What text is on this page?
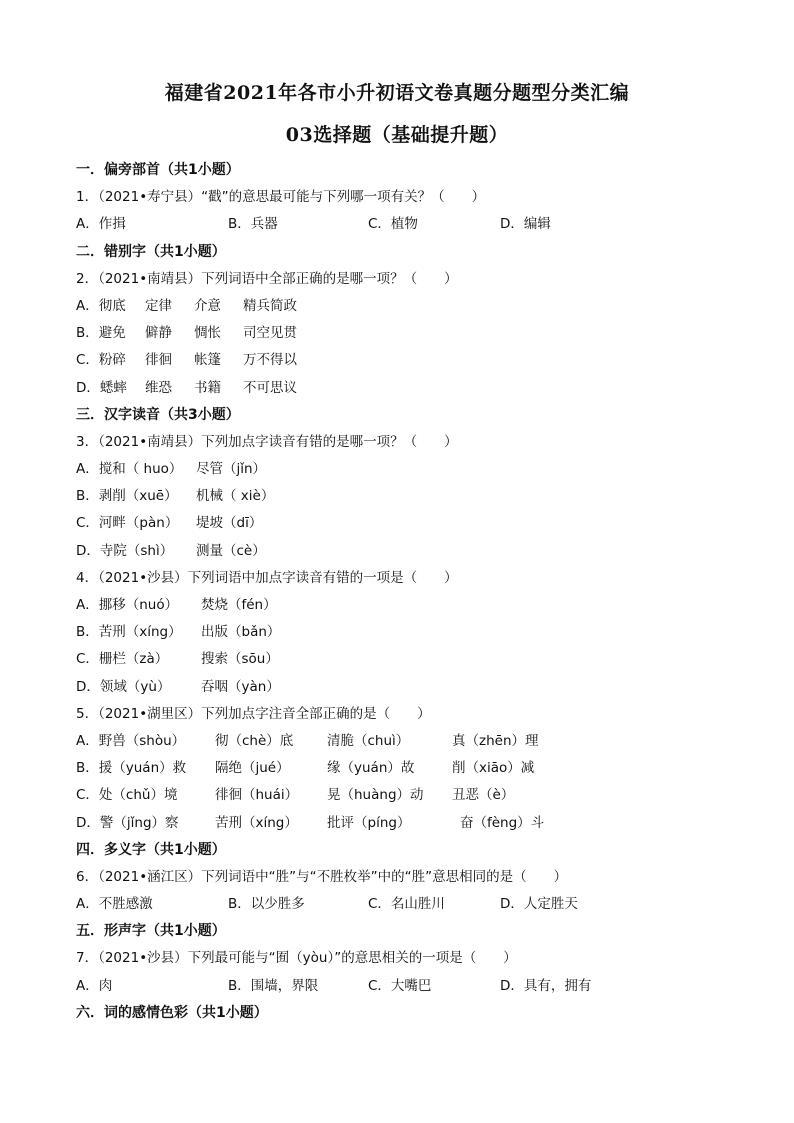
福建省2021年各市小升初语文卷真题分题型分类汇编
03选择题（基础提升题）
一．偏旁部首（共1小题）
1．（2021•寿宁县）“戳”的意思最可能与下列哪一项有关？（　　）
A．作揖	B．兵器	C．植物	D．编辑
二．错别字（共1小题）
2．（2021•南靖县）下列词语中全部正确的是哪一项？（　　）
A．彻底 定律 介意 精兵简政
B．避免 僻静 惆怅 司空见贯
C．粉碎 徘徊 帐篷 万不得以
D．蟋蟀 维恐 书籍 不可思议
三．汉字读音（共3小题）
3．（2021•南靖县）下列加点字读音有错的是哪一项？（　　）
A．搅和（ huo） 尽管（jǐn）
B．剥削（xuē） 机械（ xiè）
C．河畔（pàn） 堤坡（dī）
D．寺院（shì） 测量（cè）
4．（2021•沙县）下列词语中加点字读音有错的一项是（　　）
A．挪移（nuó） 焚烧（fén）
B．苦刑（xíng） 出版（bǎn）
C．栅栏（zà） 搜索（sōu）
D．领域（yù） 吞咽（yàn）
5．（2021•湖里区）下列加点字注音全部正确的是（　　）
A．野兽（shòu） 彻（chè）底 清脆（chuì）	真（zhēn）理
B．援（yuán）救 隔绝（jué）	缘（yuán）故	削（xiāo）减
C．处（chǔ）境	徘徊（huái） 晃（huàng）动 丑恶（è）
D．警（jǐng）察	苦刑（xíng） 批评（píng）	奋（fèng）斗
四．多义字（共1小题）
6．（2021•涵江区）下列词语中“胜”与“不胜枚举”中的“胜”意思相同的是（　　）
A．不胜感激	B．以少胜多	C．名山胜川	D．人定胜天
五．形声字（共1小题）
7．（2021•沙县）下列最可能与“囿（yòu）”的意思相关的一项是（　　）
A．肉	B．围墙，界限	C．大嘴巴	D．具有，拥有
六．词的感情色彩（共1小题）
